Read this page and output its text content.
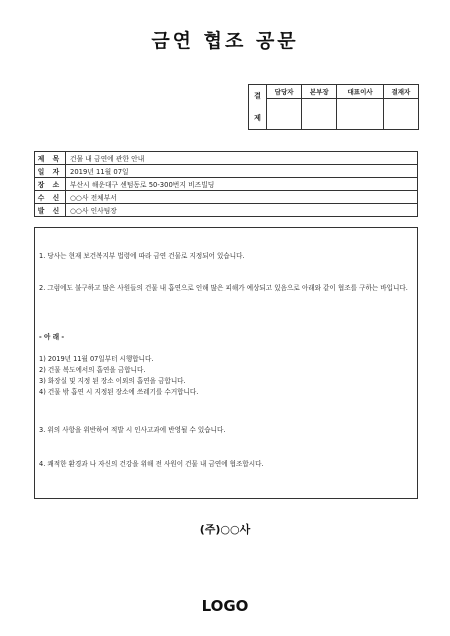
금연 협조 공문
결
제	담당자	본부장	대표이사	결재자

제 목	건물 내 금연에 관한 안내
일 자	2019년 11월 07일
장 소	부산시 해운대구 센텀동로 50-300번지 비즈빌딩
수 신	○○사 전체부서
발 신	○○사 인사팀장

1. 당사는 현재 보건복지부 법령에 따라 금연 건물로 지정되어 있습니다.

2. 그럼에도 불구하고 많은 사원들의 건물 내 흡연으로 인해 많은 피해가 예상되고 있음으로 아래와 같이 협조를 구하는 바입니다.

- 아 래 -

1) 2019년 11월 07일부터 시행합니다.

2) 건물 복도에서의 흡연을 금합니다.

3) 화장실 및 지정 된 장소 이외의 흡연을 금합니다.

4) 건물 밖 흡연 시 지정된 장소에 쓰레기를 수거합니다.

3. 위의 사항을 위반하여 적발 시 인사고과에 반영될 수 있습니다.

4. 쾌적한 환경과 나 자신의 건강을 위해 전 사원이 건물 내 금연에 협조합시다.

(주)○○사
LOGO
